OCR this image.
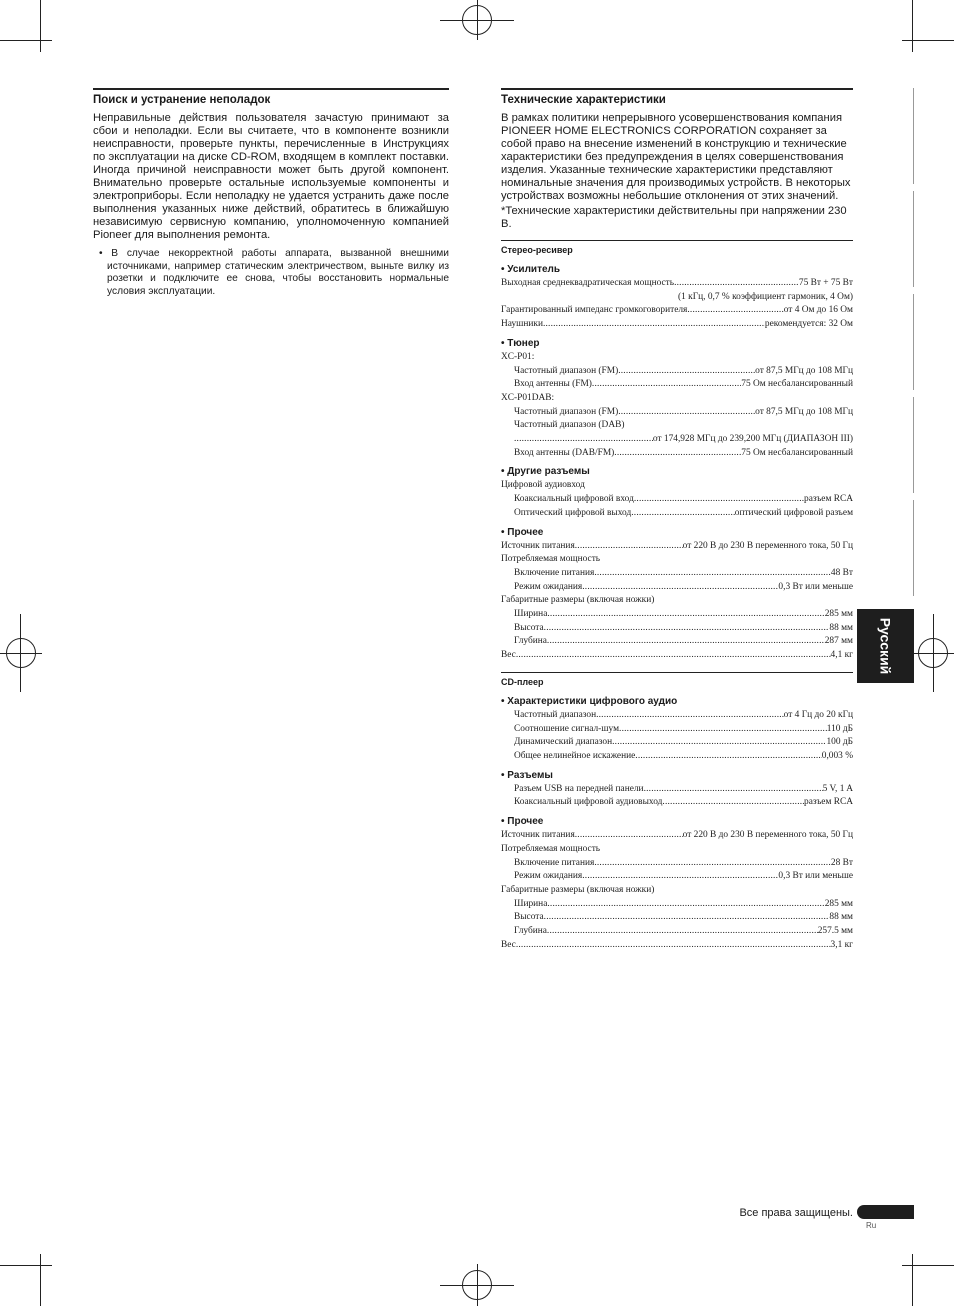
Поиск и устранение неполадок

Неправильные действия пользователя зачастую принимают за сбои и неполадки. Если вы считаете, что в компоненте возникли неисправности, проверьте пункты, перечисленные в Инструкциях по эксплуатации на диске CD-ROM, входящем в комплект поставки. Иногда причиной неисправности может быть другой компонент. Внимательно проверьте остальные используемые компоненты и электроприборы. Если неполадку не удается устранить даже после выполнения указанных ниже действий, обратитесь в ближайшую независимую сервисную компанию, уполномоченную компанией Pioneer для выполнения ремонта.

• В случае некорректной работы аппарата, вызванной внешними источниками, например статическим электричеством, выньте вилку из розетки и подключите ее снова, чтобы восстановить нормальные условия эксплуатации.

Технические характеристики

В рамках политики непрерывного усовершенствования компания PIONEER HOME ELECTRONICS CORPORATION сохраняет за собой право на внесение изменений в конструкцию и технические характеристики без предупреждения в целях совершенствования изделия. Указанные технические характеристики представляют номинальные значения для производимых устройств. В некоторых устройствах возможны небольшие отклонения от этих значений.

*Технические характеристики действительны при напряжении 230 В.

Стерео-ресивер
• Усилитель
Выходная среднеквадратическая мощность .....	75 Вт + 75 Вт
(1 кГц, 0,7 % коэффициент гармоник, 4 Ом)
Гарантированный импеданс громкоговорителя .....	от 4 Ом до 16 Ом
Наушники .....	рекомендуется: 32 Ом
• Тюнер
XC-P01:
Частотный диапазон (FM) .....	от 87,5 МГц до 108 МГц
Вход антенны (FM) .....	75 Ом несбалансированный
XC-P01DAB:
Частотный диапазон (FM) .....	от 87,5 МГц до 108 МГц
Частотный диапазон (DAB)
.....
от 174,928 МГц до 239,200 МГц (ДИАПАЗОН III)
Вход антенны (DAB/FM) .....	75 Ом несбалансированный
• Другие разъемы
Цифровой аудиовход
Коаксиальный цифровой вход .....	разъем RCA
Оптический цифровой выход .....	оптический цифровой разъем
• Прочее
Источник питания .....	от 220 В до 230 В переменного тока, 50 Гц
Потребляемая мощность
Включение питания .....	48 Вт
Режим ожидания .....	0,3 Вт или меньше
Габаритные размеры (включая ножки)
Ширина .....	285 мм
Высота .....	88 мм
Глубина .....	287 мм
Вес .....	4,1 кг
CD-плеер
• Характеристики цифрового аудио
Частотный диапазон .....	от 4 Гц до 20 кГц
Соотношение сигнал-шум .....	110 дБ
Динамический диапазон .....	100 дБ
Общее нелинейное искажение .....	0,003 %
• Разъемы
Разъем USB на передней панели .....	5 V, 1 A
Коаксиальный цифровой аудиовыход .....	разъем RCA
• Прочее
Источник питания .....	от 220 В до 230 В переменного тока, 50 Гц
Потребляемая мощность
Включение питания .....	28 Вт
Режим ожидания .....	0,3 Вт или меньше
Габаритные размеры (включая ножки)
Ширина .....	285 мм
Высота .....	88 мм
Глубина .....	257.5 мм
Вес .....	3,1 кг
Русский
Все права защищены.
Ru
